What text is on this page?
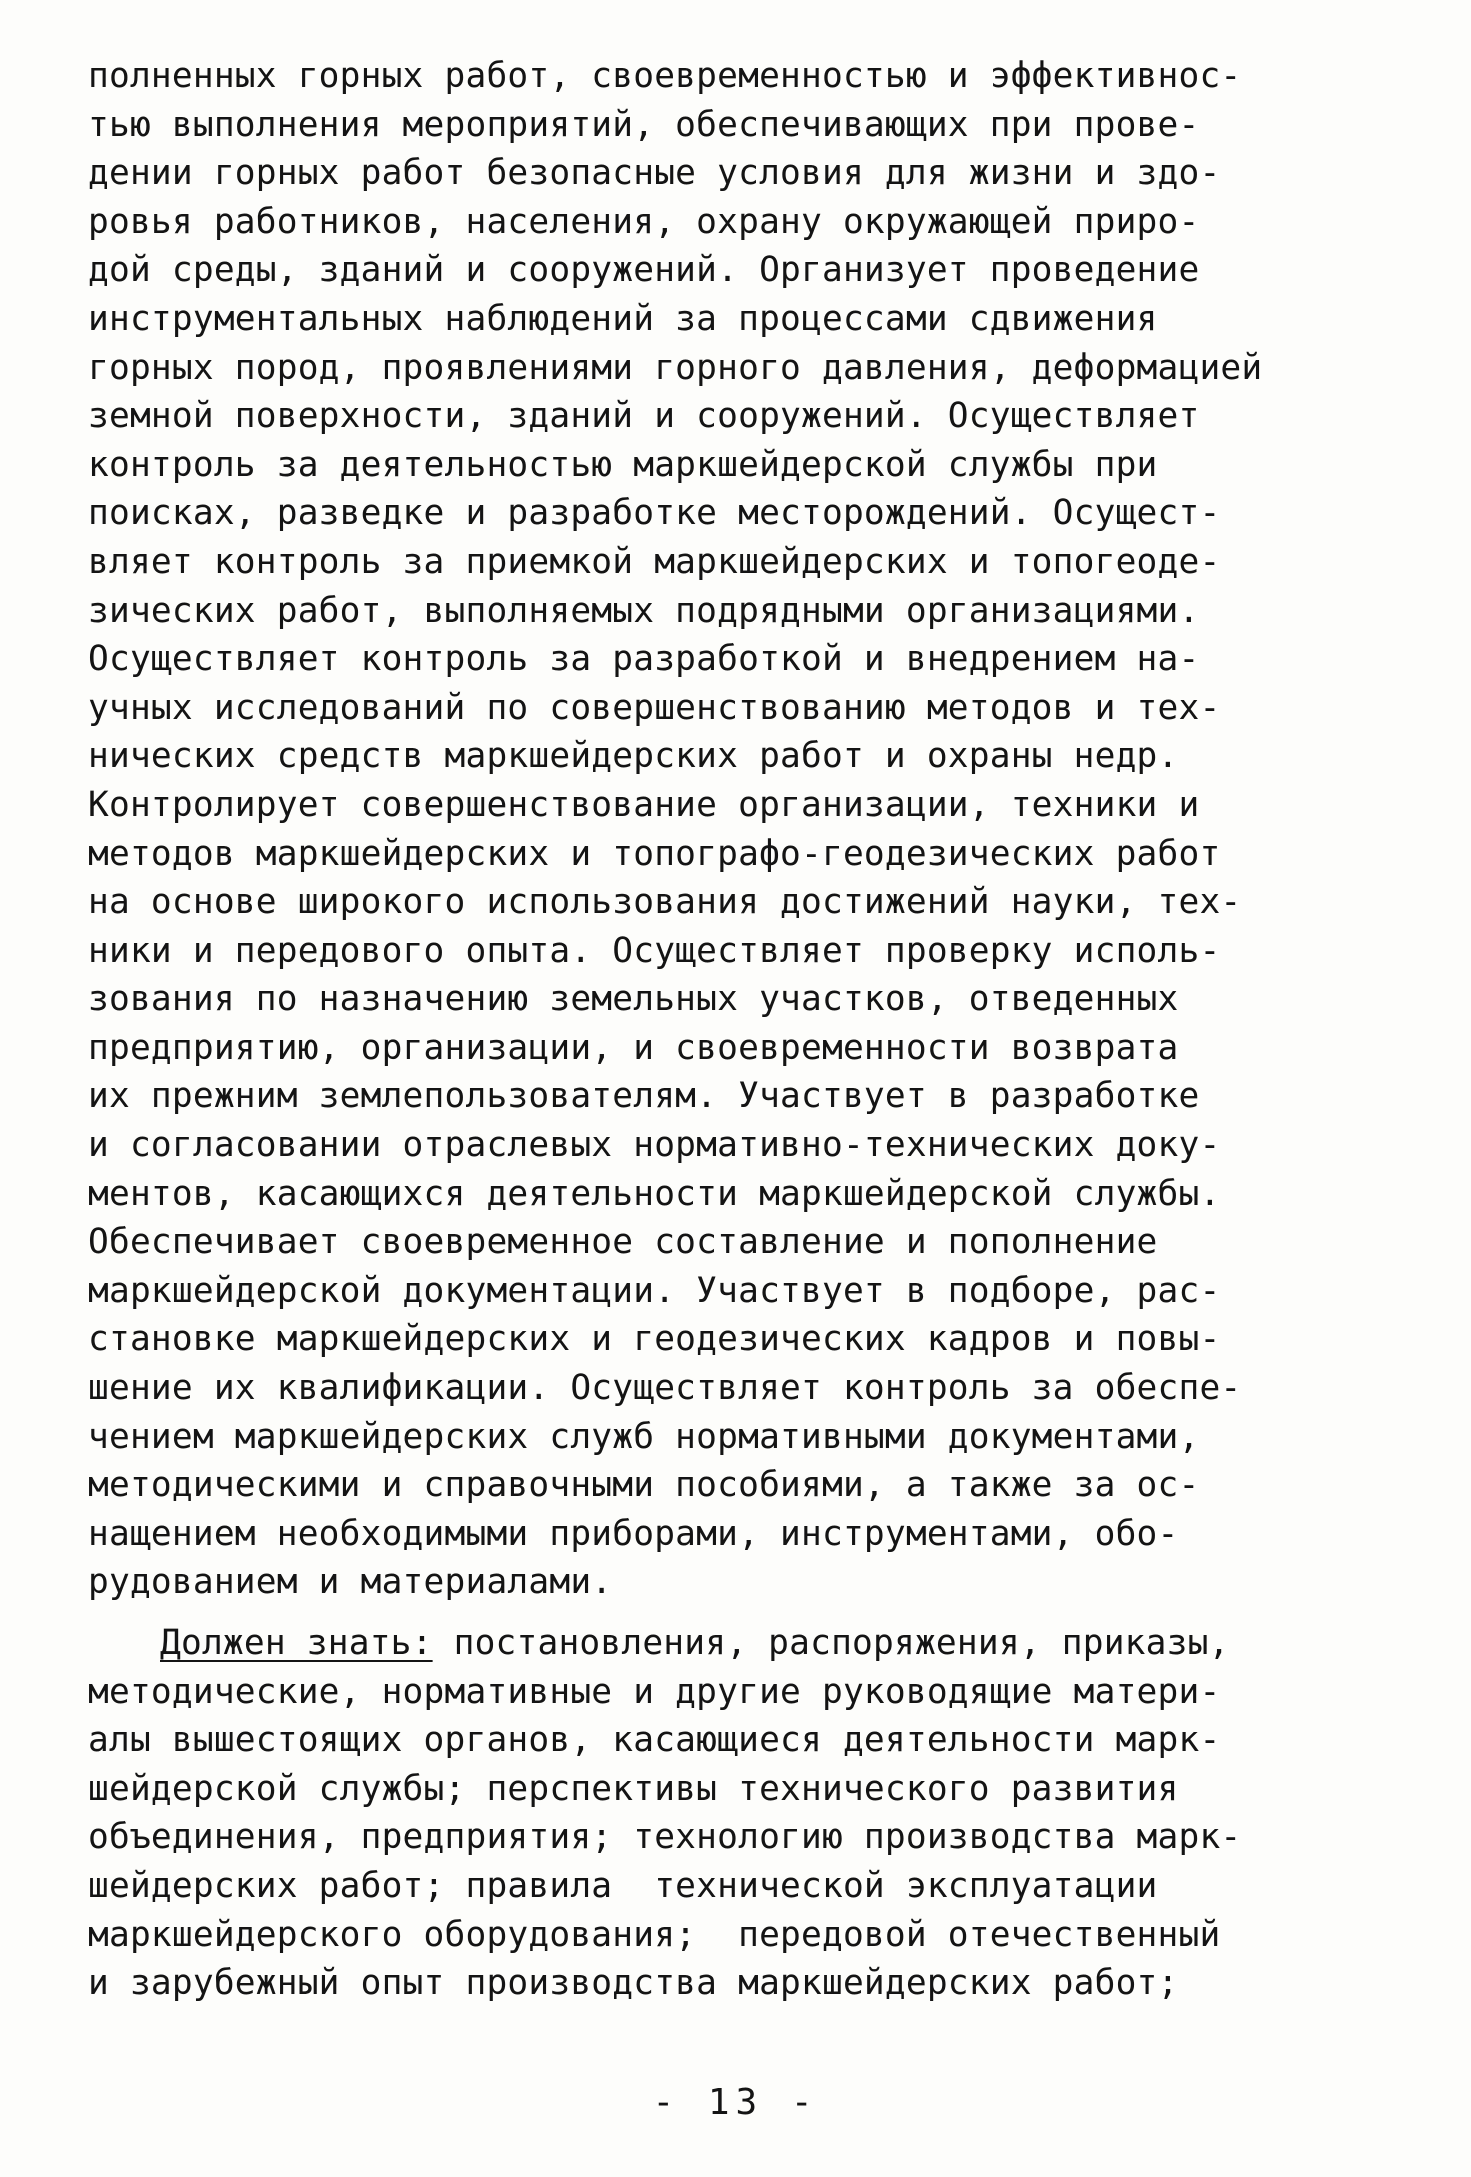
полненных горных работ, своевременностью и эффективнос-
тью выполнения мероприятий, обеспечивающих при прове-
дении горных работ безопасные условия для жизни и здо-
ровья работников, населения, охрану окружающей приро-
дой среды, зданий и сооружений. Организует проведение
инструментальных наблюдений за процессами сдвижения
горных пород, проявлениями горного давления, деформацией
земной поверхности, зданий и сооружений. Осуществляет
контроль за деятельностью маркшейдерской службы при
поисках, разведке и разработке месторождений. Осущест-
вляет контроль за приемкой маркшейдерских и топогеоде-
зических работ, выполняемых подрядными организациями.
Осуществляет контроль за разработкой и внедрением на-
учных исследований по совершенствованию методов и тех-
нических средств маркшейдерских работ и охраны недр.
Контролирует совершенствование организации, техники и
методов маркшейдерских и топографо-геодезических работ
на основе широкого использования достижений науки, тех-
ники и передового опыта. Осуществляет проверку исполь-
зования по назначению земельных участков, отведенных
предприятию, организации, и своевременности возврата
их прежним землепользователям. Участвует в разработке
и согласовании отраслевых нормативно-технических доку-
ментов, касающихся деятельности маркшейдерской службы.
Обеспечивает своевременное составление и пополнение
маркшейдерской документации. Участвует в подборе, рас-
становке маркшейдерских и геодезических кадров и повы-
шение их квалификации. Осуществляет контроль за обеспе-
чением маркшейдерских служб нормативными документами,
методическими и справочными пособиями, а также за ос-
нащением необходимыми приборами, инструментами, обо-
рудованием и материалами.
Должен знать: постановления, распоряжения, приказы,
методические, нормативные и другие руководящие матери-
алы вышестоящих органов, касающиеся деятельности марк-
шейдерской службы; перспективы технического развития
объединения, предприятия; технологию производства марк-
шейдерских работ; правила  технической эксплуатации
маркшейдерского оборудования;  передовой отечественный
и зарубежный опыт производства маркшейдерских работ;
- 13 -
